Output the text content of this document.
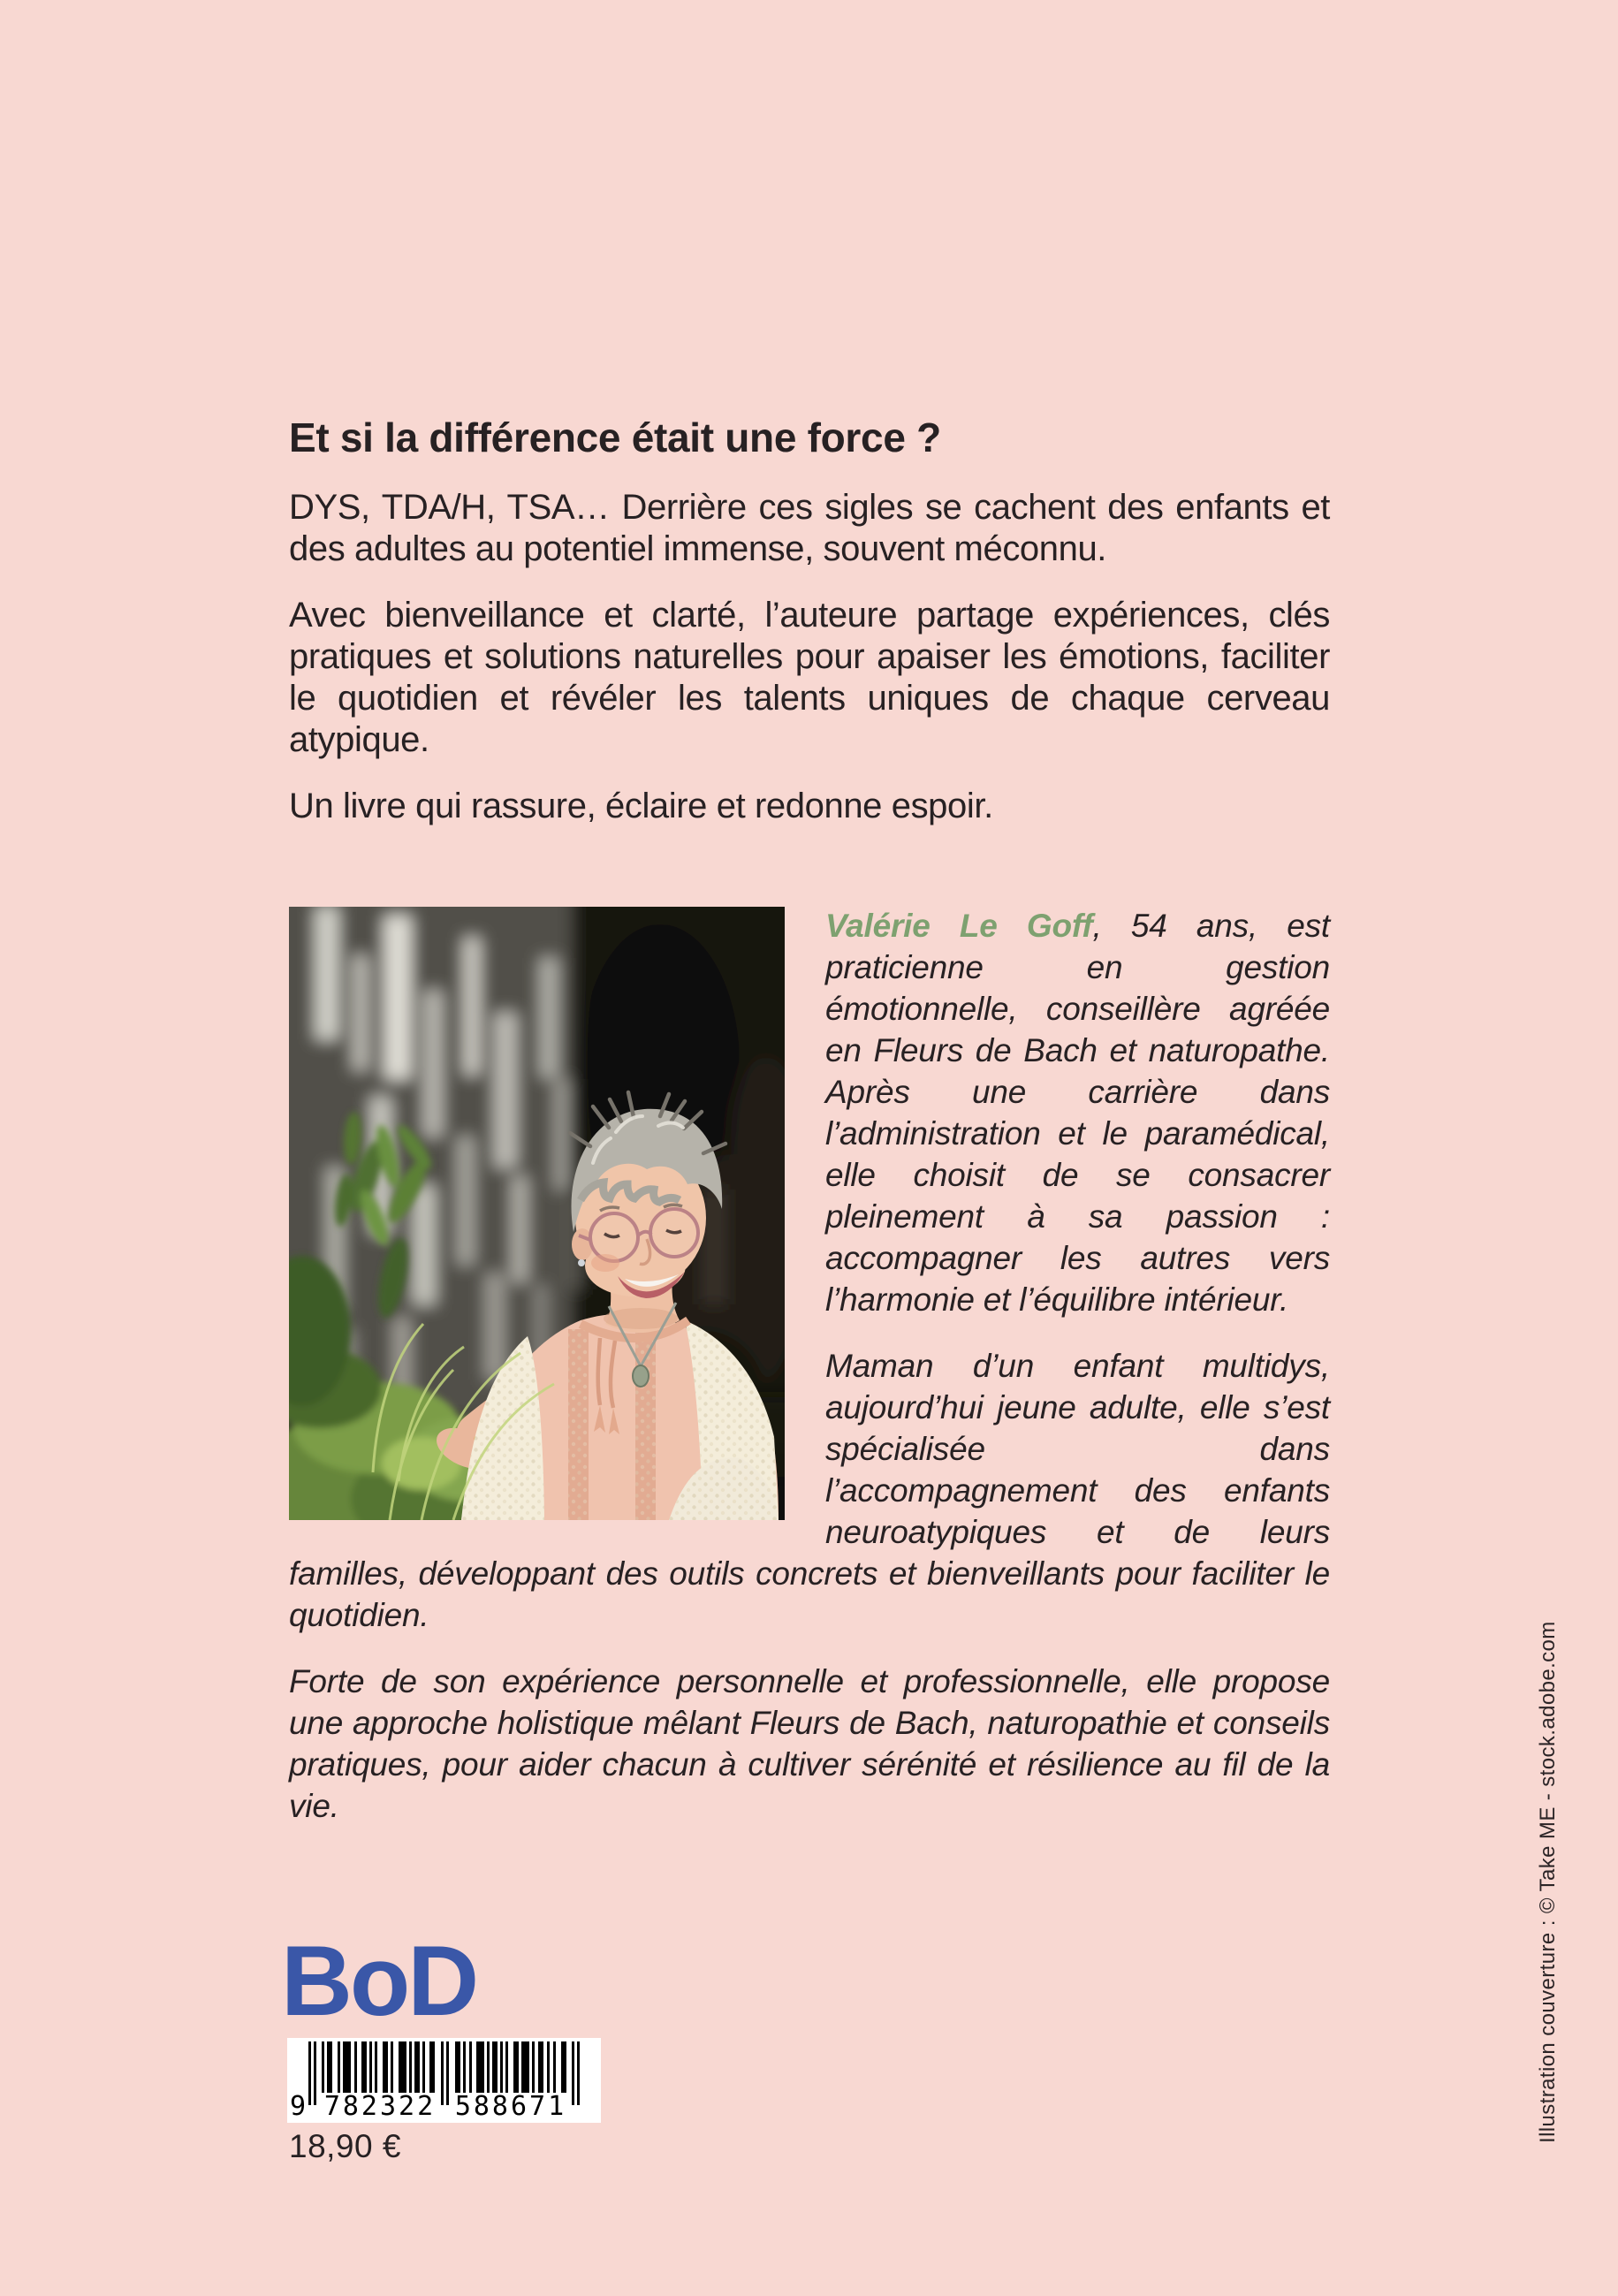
Et si la différence était une force ?

DYS, TDA/H, TSA… Derrière ces sigles se cachent des enfants et des adultes au potentiel immense, souvent méconnu.

Avec bienveillance et clarté, l’auteure partage expériences, clés pratiques et solutions naturelles pour apaiser les émotions, faciliter le quotidien et révéler les talents uniques de chaque cerveau atypique.

Un livre qui rassure, éclaire et redonne espoir.

Valérie Le Goff, 54 ans, est praticienne en gestion émotionnelle, conseillère agréée en Fleurs de Bach et naturopathe. Après une carrière dans l’administration et le paramédical, elle choisit de se consacrer pleinement à sa passion : accompagner les autres vers l’harmonie et l’équilibre intérieur.

Maman d’un enfant multidys, aujourd’hui jeune adulte, elle s’est spécialisée dans l’accompagnement des enfants neuroatypiques et de leurs familles, développant des outils concrets et bienveillants pour faciliter le quotidien.

Forte de son expérience personnelle et professionnelle, elle propose une approche holistique mêlant Fleurs de Bach, naturopathie et conseils pratiques, pour aider chacun à cultiver sérénité et résilience au fil de la vie.

BoD
9 782322 588671
18,90 €
Illustration couverture : © Take ME - stock.adobe.com
